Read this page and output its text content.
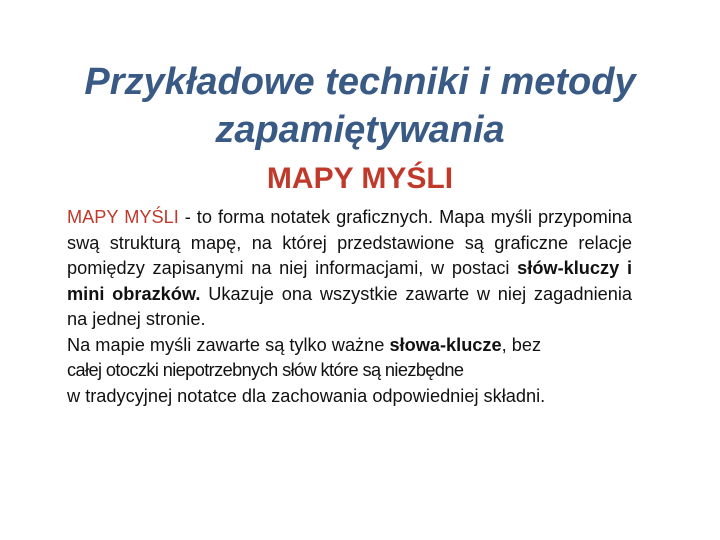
Przykładowe techniki i metody
zapamiętywania
MAPY MYŚLI

MAPY MYŚLI - to forma notatek graficznych. Mapa myśli przypomina swą strukturą mapę, na której przedstawione są graficzne relacje pomiędzy zapisanymi na niej informacjami, w postaci słów-kluczy i mini obrazków. Ukazuje ona wszystkie zawarte w niej zagadnienia na jednej stronie.

Na mapie myśli zawarte są tylko ważne słowa-klucze, bez

całej otoczki niepotrzebnych słów które są niezbędne

w tradycyjnej notatce dla zachowania odpowiedniej składni.
